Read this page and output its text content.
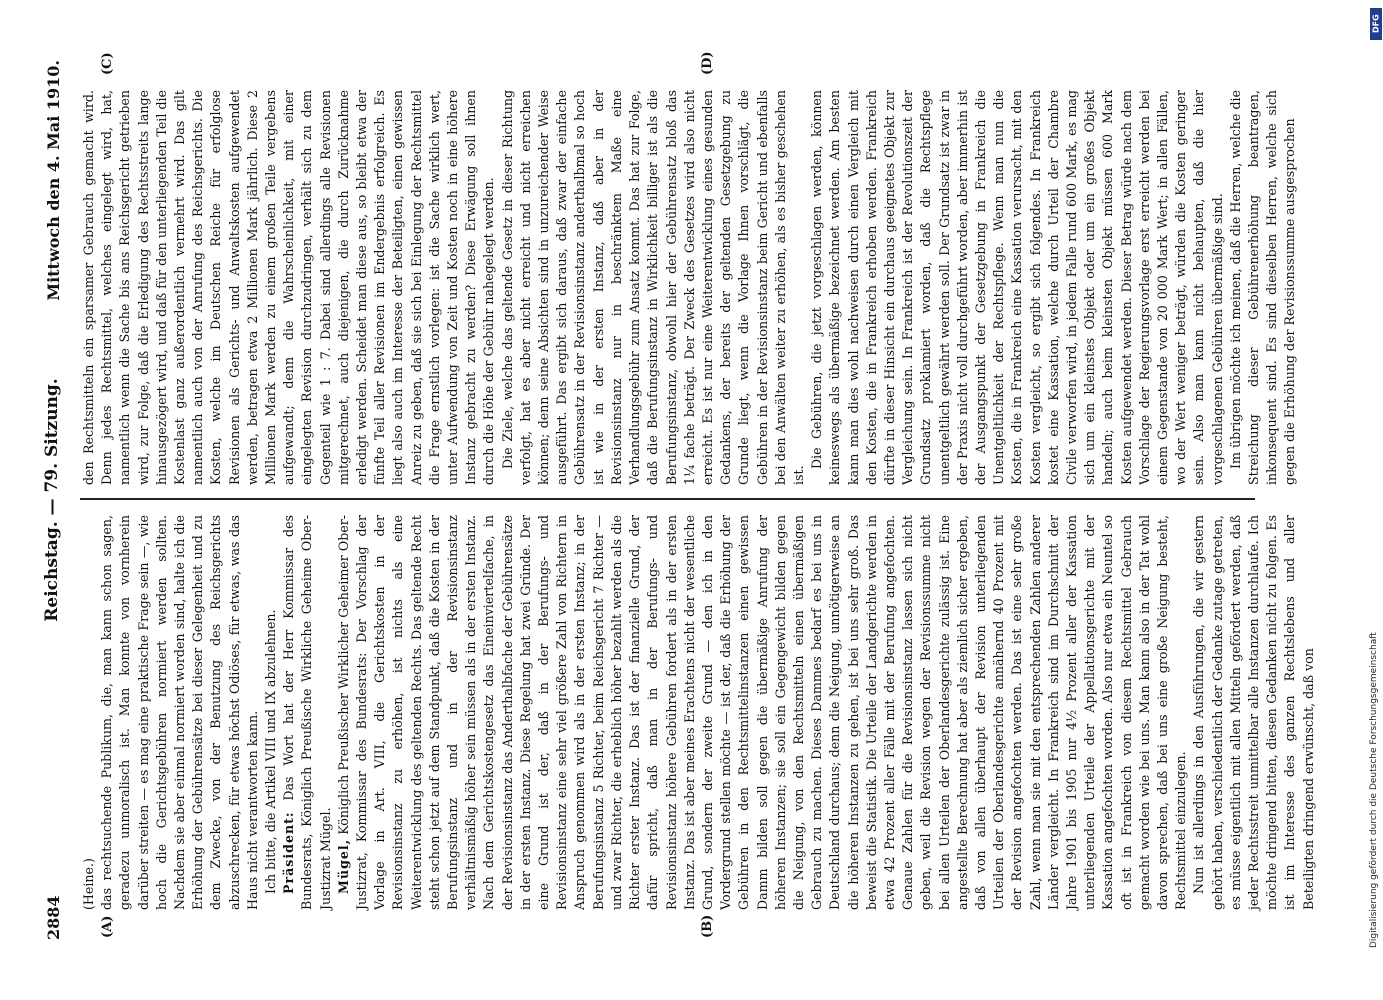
2884
Reichstag. — 79. Sitzung.
Mittwoch den 4. Mai 1910.
(A)	(B)
(C)	(D)

(Heine.) das rechtsuchende Publikum, die, man kann schon sagen, geradezu unmoralisch ist. Man konnte von vornherein darüber streiten — es mag eine praktische Frage sein —, wie hoch die Gerichtsgebühren normiert werden sollten. Nachdem sie aber einmal normiert worden sind, halte ich die Erhöhung der Gebührensätze bei dieser Gelegenheit und zu dem Zwecke, von der Benutzung des Reichsgerichts abzuschrecken, für etwas höchst Odiöses, für etwas, was das Haus nicht verantworten kann. Ich bitte, die Artikel VIII und IX abzulehnen. Präsident: Das Wort hat der Herr Kommissar des Bundesrats, Königlich Preußische Wirkliche Geheime Ober-Justizrat Mügel. Mügel, Königlich Preußischer Wirklicher Geheimer Ober-Justizrat, Kommissar des Bundesrats: Der Vorschlag der Vorlage in Art. VIII, die Gerichtskosten in der Revisionsinstanz zu erhöhen, ist nichts als eine Weiterentwicklung des geltenden Rechts. Das geltende Recht steht schon jetzt auf dem Standpunkt, daß die Kosten in der Berufungsinstanz und in der Revisionsinstanz verhältnismäßig höher sein müssen als in der ersten Instanz. Nach dem Gerichtskostengesetz das Eineinviertelfache, in der Revisionsinstanz das Anderthalbfache der Gebührensätze in der ersten Instanz. Diese Regelung hat zwei Gründe. Der eine Grund ist der, daß in der Berufungs- und Revisionsinstanz eine sehr viel größere Zahl von Richtern in Anspruch genommen wird als in der ersten Instanz; in der Berufungsinstanz 5 Richter, beim Reichsgericht 7 Richter — und zwar Richter, die erheblich höher bezahlt werden als die Richter erster Instanz. Das ist der finanzielle Grund, der dafür spricht, daß man in der Berufungs- und Revisionsinstanz höhere Gebühren fordert als in der ersten Instanz. Das ist aber meines Erachtens nicht der wesentliche Grund, sondern der zweite Grund — den ich in den Vordergrund stellen möchte — ist der, daß die Erhöhung der Gebühren in den Rechtsmittelinstanzen einen gewissen Damm bilden soll gegen die übermäßige Anrufung der höheren Instanzen; sie soll ein Gegengewicht bilden gegen die Neigung, von den Rechtsmitteln einen übermäßigen Gebrauch zu machen. Dieses Dammes bedarf es bei uns in Deutschland durchaus; denn die Neigung, unnötigerweise an die höheren Instanzen zu gehen, ist bei uns sehr groß. Das beweist die Statistik. Die Urteile der Landgerichte werden in etwa 42 Prozent aller Fälle mit der Berufung angefochten. Genaue Zahlen für die Revisionsinstanz lassen sich nicht geben, weil die Revision wegen der Revisionssumme nicht bei allen Urteilen der Oberlandesgerichte zulässig ist. Eine angestellte Berechnung hat aber als ziemlich sicher ergeben, daß von allen überhaupt der Revision unterliegenden Urteilen der Oberlandesgerichte annähernd 40 Prozent mit der Revision angefochten werden. Das ist eine sehr große Zahl, wenn man sie mit den entsprechenden Zahlen anderer Länder vergleicht. In Frankreich sind im Durchschnitt der Jahre 1901 bis 1905 nur 4½ Prozent aller der Kassation unterliegenden Urteile der Appellationsgerichte mit der Kassation angefochten worden. Also nur etwa ein Neuntel so oft ist in Frankreich von diesem Rechtsmittel Gebrauch gemacht worden wie bei uns. Man kann also in der Tat wohl davon sprechen, daß bei uns eine große Neigung besteht, Rechtsmittel einzulegen. Nun ist allerdings in den Ausführungen, die wir gestern gehört haben, verschiedentlich der Gedanke zutage getreten, es müsse eigentlich mit allen Mitteln gefördert werden, daß jeder Rechtsstreit unmittelbar alle Instanzen durchlaufe. Ich möchte dringend bitten, diesen Gedanken nicht zu folgen. Es ist im Interesse des ganzen Rechtslebens und aller Beteiligten dringend erwünscht, daß von

den Rechtsmitteln ein sparsamer Gebrauch gemacht wird. Denn jedes Rechtsmittel, welches eingelegt wird, hat, namentlich wenn die Sache bis ans Reichsgericht getrieben wird, zur Folge, daß die Erledigung des Rechtsstreits lange hinausgezögert wird, und daß für den unterliegenden Teil die Kostenlast ganz außerordentlich vermehrt wird. Das gilt namentlich auch von der Anrufung des Reichsgerichts. Die Kosten, welche im Deutschen Reiche für erfolglose Revisionen als Gerichts- und Anwaltskosten aufgewendet werden, betragen etwa 2 Millionen Mark jährlich. Diese 2 Millionen Mark werden zu einem großen Teile vergebens aufgewandt; denn die Wahrscheinlichkeit, mit einer eingelegten Revision durchzudringen, verhält sich zu dem Gegenteil wie 1 : 7. Dabei sind allerdings alle Revisionen mitgerechnet, auch diejenigen, die durch Zurücknahme erledigt werden. Scheidet man diese aus, so bleibt etwa der fünfte Teil aller Revisionen im Endergebnis erfolgreich. Es liegt also auch im Interesse der Beteiligten, einen gewissen Anreiz zu geben, daß sie sich bei Einlegung der Rechtsmittel die Frage ernstlich vorlegen: ist die Sache wirklich wert, unter Aufwendung von Zeit und Kosten noch in eine höhere Instanz gebracht zu werden? Diese Erwägung soll ihnen durch die Höhe der Gebühr nahegelegt werden. Die Ziele, welche das geltende Gesetz in dieser Richtung verfolgt, hat es aber nicht erreicht und nicht erreichen können; denn seine Absichten sind in unzureichender Weise ausgeführt. Das ergibt sich daraus, daß zwar der einfache Gebührensatz in der Revisionsinstanz anderthalbmal so hoch ist wie in der ersten Instanz, daß aber in der Revisionsinstanz nur in beschränktem Maße eine Verhandlungsgebühr zum Ansatz kommt. Das hat zur Folge, daß die Berufungsinstanz in Wirklichkeit billiger ist als die Berufungsinstanz, obwohl hier der Gebührensatz bloß das 1¼ fache beträgt. Der Zweck des Gesetzes wird also nicht erreicht. Es ist nur eine Weiterentwicklung eines gesunden Gedankens, der bereits der geltenden Gesetzgebung zu Grunde liegt, wenn die Vorlage Ihnen vorschlägt, die Gebühren in der Revisionsinstanz beim Gericht und ebenfalls bei den Anwälten weiter zu erhöhen, als es bisher geschehen ist.

Die Gebühren, die jetzt vorgeschlagen werden, können keineswegs als übermäßige bezeichnet werden. Am besten kann man dies wohl nachweisen durch einen Vergleich mit den Kosten, die in Frankreich erhoben werden. Frankreich dürfte in dieser Hinsicht ein durchaus geeignetes Objekt zur Vergleichung sein. In Frankreich ist der Revolutionszeit der Grundsatz proklamiert worden, daß die Rechtspflege unentgeltlich gewährt werden soll. Der Grundsatz ist zwar in der Praxis nicht voll durchgeführt worden, aber immerhin ist der Ausgangspunkt der Gesetzgebung in Frankreich die Unentgeltlichkeit der Rechtspflege. Wenn man nun die Kosten, die in Frankreich eine Kassation verursacht, mit den Kosten vergleicht, so ergibt sich folgendes. In Frankreich kostet eine Kassation, welche durch Urteil der Chambre Civile verworfen wird, in jedem Falle rund 600 Mark, es mag sich um ein kleinstes Objekt oder um ein großes Objekt handeln; auch beim kleinsten Objekt müssen 600 Mark Kosten aufgewendet werden. Dieser Betrag würde nach dem Vorschlage der Regierungsvorlage erst erreicht werden bei einem Gegenstande von 20 000 Mark Wert; in allen Fällen, wo der Wert weniger beträgt, würden die Kosten geringer sein. Also man kann nicht behaupten, daß die hier vorgeschlagenen Gebühren übermäßige sind. Im übrigen möchte ich meinen, daß die Herren, welche die Streichung dieser Gebührenerhöhung beantragen, inkonsequent sind. Es sind dieselben Herren, welche sich gegen die Erhöhung der Revisionssumme ausgesprochen

DFG
Digitalisierung gefördert durch die Deutsche Forschungsgemeinschaft
